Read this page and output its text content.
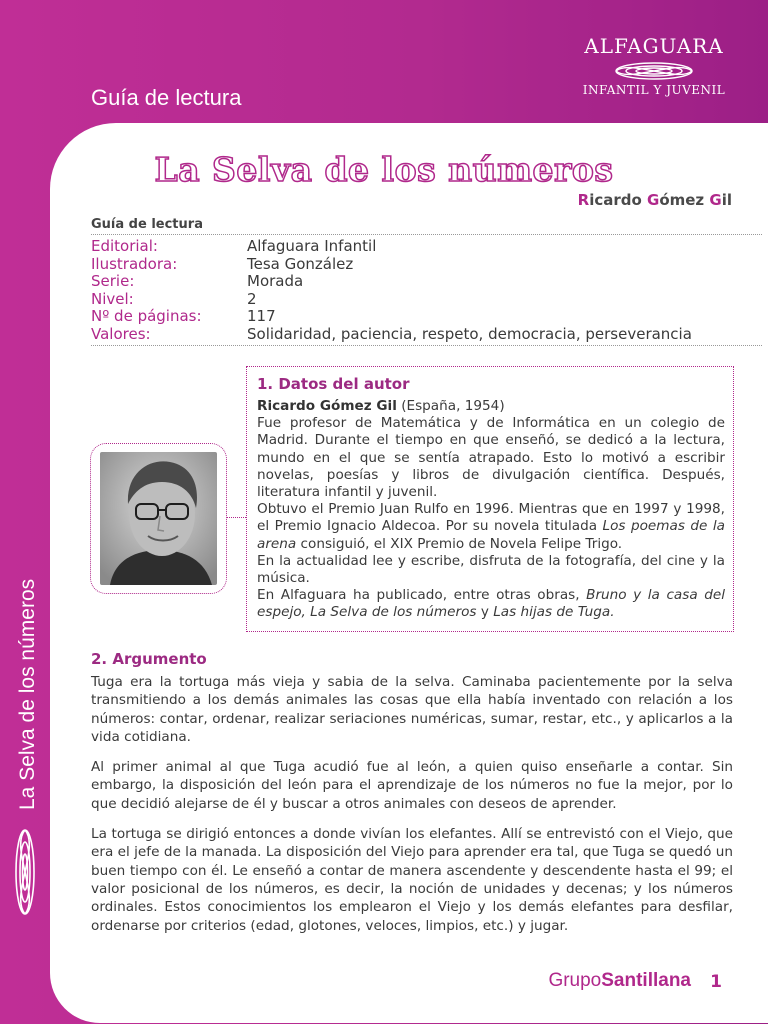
ALFAGUARA
INFANTIL Y JUVENIL
Guía de lectura
La Selva de los números
La Selva de los números
Ricardo Gómez Gil
Guía de lectura
Editorial:	Alfaguara Infantil
Ilustradora:	Tesa González
Serie:	Morada
Nivel:	2
Nº de páginas:	117
Valores:	Solidaridad, paciencia, respeto, democracia, perseverancia
1. Datos del autor

Ricardo Gómez Gil (España, 1954)
Fue profesor de Matemática y de Informática en un colegio de Madrid. Durante el tiempo en que enseñó, se dedicó a la lectura, mundo en el que se sentía atrapado. Esto lo motivó a escribir novelas, poesías y libros de divulgación científica. Después, literatura infantil y juvenil.

Obtuvo el Premio Juan Rulfo en 1996. Mientras que en 1997 y 1998, el Premio Ignacio Aldecoa. Por su novela titulada Los poemas de la arena consiguió, el XIX Premio de Novela Felipe Trigo.

En la actualidad lee y escribe, disfruta de la fotografía, del cine y la música.

En Alfaguara ha publicado, entre otras obras, Bruno y la casa del espejo, La Selva de los números y Las hijas de Tuga.

2. Argumento

Tuga era la tortuga más vieja y sabia de la selva. Caminaba pacientemente por la selva transmitiendo a los demás animales las cosas que ella había inventado con relación a los números: contar, ordenar, realizar seriaciones numéricas, sumar, restar, etc., y aplicarlos a la vida cotidiana.

Al primer animal al que Tuga acudió fue al león, a quien quiso enseñarle a contar. Sin embargo, la disposición del león para el aprendizaje de los números no fue la mejor, por lo que decidió alejarse de él y buscar a otros animales con deseos de aprender.

La tortuga se dirigió entonces a donde vivían los elefantes. Allí se entrevistó con el Viejo, que era el jefe de la manada. La disposición del Viejo para aprender era tal, que Tuga se quedó un buen tiempo con él. Le enseñó a contar de manera ascendente y descendente hasta el 99; el valor posicional de los números, es decir, la noción de unidades y decenas; y los números ordinales. Estos conocimientos los emplearon el Viejo y los demás elefantes para desfilar, ordenarse por criterios (edad, glotones, veloces, limpios, etc.) y jugar.

GrupoSantillana 1
